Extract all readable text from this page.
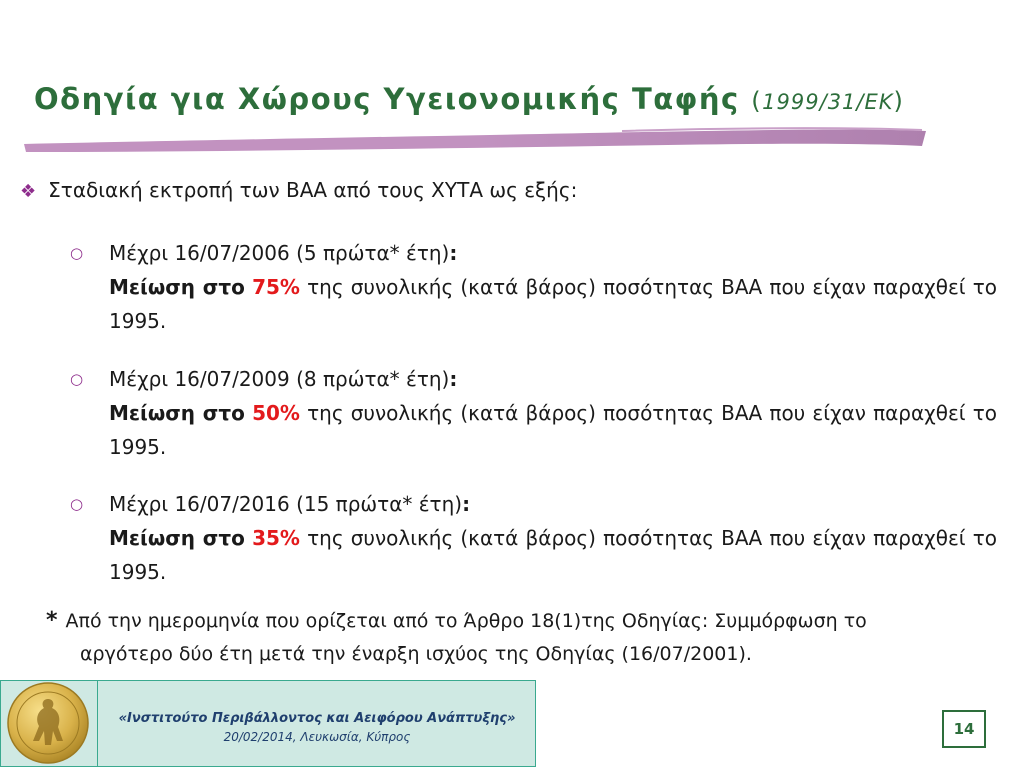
Οδηγία για Χώρους Υγειονομικής Ταφής (1999/31/ΕΚ)
❖ Σταδιακή εκτροπή των ΒΑΑ από τους ΧΥΤΑ ως εξής:
○ Μέχρι 16/07/2006 (5 πρώτα* έτη):
Μείωση στο 75% της συνολικής (κατά βάρος) ποσότητας ΒΑΑ που είχαν παραχθεί το 1995.
○ Μέχρι 16/07/2009 (8 πρώτα* έτη):
Μείωση στο 50% της συνολικής (κατά βάρος) ποσότητας ΒΑΑ που είχαν παραχθεί το 1995.
○ Μέχρι 16/07/2016 (15 πρώτα* έτη):
Μείωση στο 35% της συνολικής (κατά βάρος) ποσότητας ΒΑΑ που είχαν παραχθεί το 1995.
* Από την ημερομηνία που ορίζεται από το Άρθρο 18(1)της Οδηγίας: Συμμόρφωση το
αργότερο δύο έτη μετά την έναρξη ισχύος της Οδηγίας (16/07/2001).
«Ινστιτούτο Περιβάλλοντος και Αειφόρου Ανάπτυξης»
20/02/2014, Λευκωσία, Κύπρος	14
